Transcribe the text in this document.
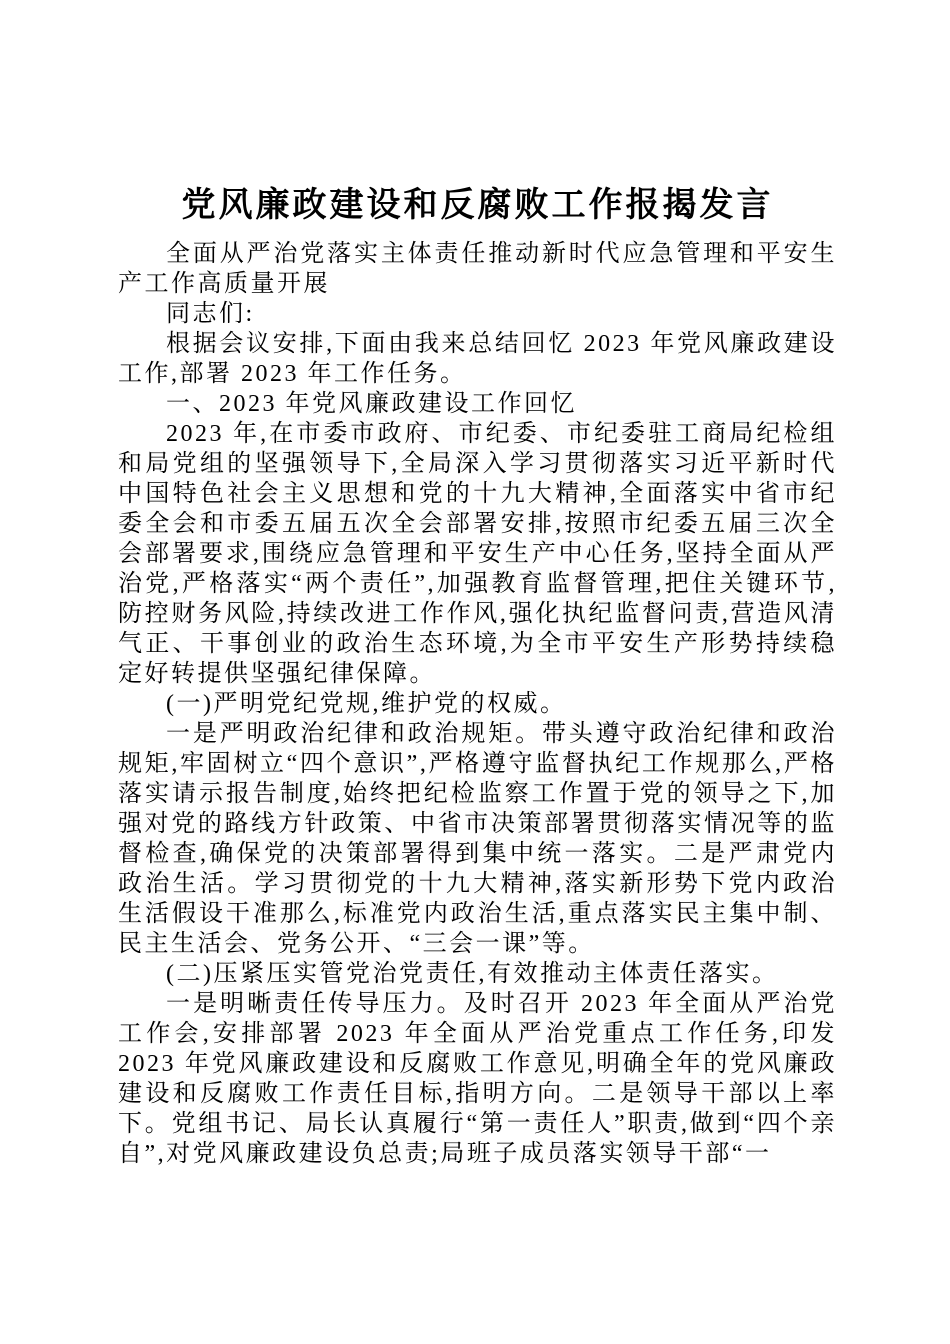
党风廉政建设和反腐败工作报揭发言

全面从严治党落实主体责任推动新时代应急管理和平安生产工作高质量开展

同志们:

根据会议安排,下面由我来总结回忆 2023 年党风廉政建设工作,部署 2023 年工作任务。

一、2023 年党风廉政建设工作回忆

2023 年,在市委市政府、市纪委、市纪委驻工商局纪检组和局党组的坚强领导下,全局深入学习贯彻落实习近平新时代中国特色社会主义思想和党的十九大精神,全面落实中省市纪委全会和市委五届五次全会部署安排,按照市纪委五届三次全会部署要求,围绕应急管理和平安生产中心任务,坚持全面从严治党,严格落实“两个责任”,加强教育监督管理,把住关键环节,防控财务风险,持续改进工作作风,强化执纪监督问责,营造风清气正、干事创业的政治生态环境,为全市平安生产形势持续稳定好转提供坚强纪律保障。

(一)严明党纪党规,维护党的权威。

一是严明政治纪律和政治规矩。带头遵守政治纪律和政治规矩,牢固树立“四个意识”,严格遵守监督执纪工作规那么,严格落实请示报告制度,始终把纪检监察工作置于党的领导之下,加强对党的路线方针政策、中省市决策部署贯彻落实情况等的监督检查,确保党的决策部署得到集中统一落实。二是严肃党内政治生活。学习贯彻党的十九大精神,落实新形势下党内政治生活假设干准那么,标准党内政治生活,重点落实民主集中制、民主生活会、党务公开、“三会一课”等。

(二)压紧压实管党治党责任,有效推动主体责任落实。

一是明晰责任传导压力。及时召开 2023 年全面从严治党工作会,安排部署 2023 年全面从严治党重点工作任务,印发 2023 年党风廉政建设和反腐败工作意见,明确全年的党风廉政建设和反腐败工作责任目标,指明方向。二是领导干部以上率下。党组书记、局长认真履行“第一责任人”职责,做到“四个亲自”,对党风廉政建设负总责;局班子成员落实领导干部“一
